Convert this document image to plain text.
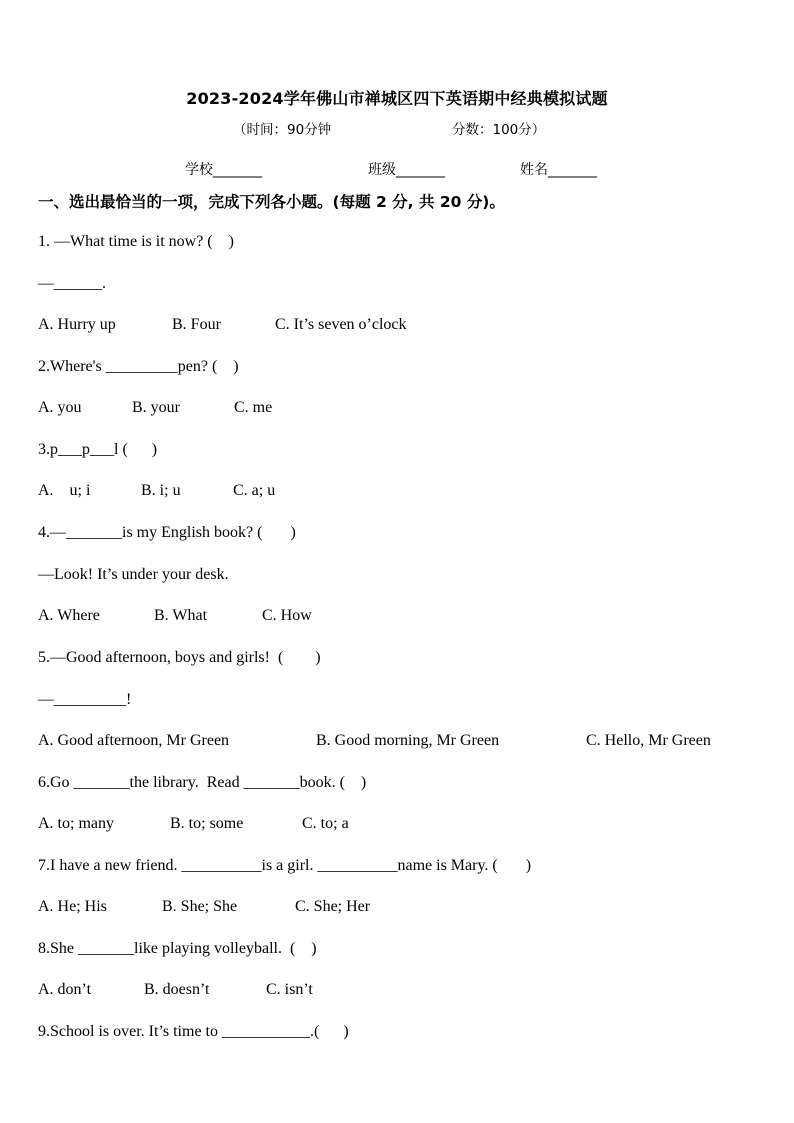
2023-2024学年佛山市禅城区四下英语期中经典模拟试题
（时间：90分钟	分数：100分）
学校_______	班级_______	姓名_______
一、选出最恰当的一项，完成下列各小题。(每题 2 分, 共 20 分)。
1. —What time is it now? (    )
—______.
A. Hurry up	B. Four	C. It’s seven o’clock
2.Where's _________pen? (    )
A. you	B. your	C. me
3.p___p___l (      )
A.    u; i	B. i; u	C. a; u
4.—_______is my English book? (       )
—Look! It’s under your desk.
A. Where	B. What	C. How
5.—Good afternoon, boys and girls!  (        )
—_________!
A. Good afternoon, Mr Green	B. Good morning, Mr Green	C. Hello, Mr Green
6.Go _______the library.  Read _______book. (    )
A. to; many	B. to; some	C. to; a
7.I have a new friend. __________is a girl. __________name is Mary. (       )
A. He; His	B. She; She	C. She; Her
8.She _______like playing volleyball.  (    )
A. don’t	B. doesn’t	C. isn’t
9.School is over. It’s time to ___________.(      )
